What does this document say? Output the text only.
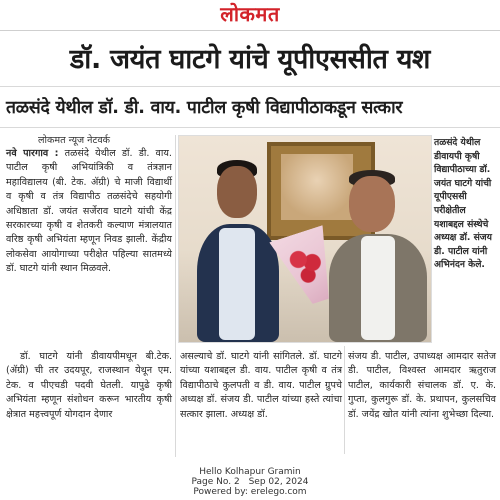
लोकमत
डॉ. जयंत घाटगे यांचे यूपीएससीत यश
तळसंदे येथील डॉ. डी. वाय. पाटील कृषी विद्यापीठाकडून सत्कार
लोकमत न्यूज नेटवर्क
नवे पारगाव : तळसंदे येथील डॉ. डी. वाय. पाटील कृषी अभियांत्रिकी व तंत्रज्ञान महाविद्यालय (बी. टेक. ॲग्री) चे माजी विद्यार्थी व कृषी व तंत्र विद्यापीठ तळसंदेचे सहयोगी अधिष्ठाता डॉ. जयंत सर्जेराव घाटगे यांची केंद्र सरकारच्या कृषी व शेतकरी कल्याण मंत्रालयात वरिष्ठ कृषी अभियंता म्हणून निवड झाली. केंद्रीय लोकसेवा आयोगाच्या परीक्षेत पहिल्या सातमध्ये डॉ. घाटगे यांनी स्थान मिळवले.
डॉ. घाटगे यांनी डीवायपीमधून बी.टेक. (ॲग्री) ची तर उदयपूर, राजस्थान येथून एम. टेक. व पीएचडी पदवी घेतली. यापुढे कृषी अभियंता म्हणून संशोधन करून भारतीय कृषी क्षेत्रात महत्त्वपूर्ण योगदान देणार
तळसंदे येथील डीवायपी कृषी विद्यापीठाच्या डॉ. जयंत घाटगे यांची यूपीएससी परीक्षेतील यशाबद्दल संस्थेचे अध्यक्ष डॉ. संजय डी. पाटील यांनी अभिनंदन केले.
असल्याचे डॉ. घाटगे यांनी सांगितले. डॉ. घाटगे यांच्या यशाबद्दल डी. वाय. पाटील कृषी व तंत्र विद्यापीठाचे कुलपती व डी. वाय. पाटील ग्रुपचे अध्यक्ष डॉ. संजय डी. पाटील यांच्या हस्ते त्यांचा सत्कार झाला. अध्यक्ष डॉ.
संजय डी. पाटील, उपाध्यक्ष आमदार सतेज डी. पाटील, विश्वस्त आमदार ऋतुराज पाटील, कार्यकारी संचालक डॉ. ए. के. गुप्ता, कुलगुरू डॉ. के. प्रथापन, कुलसचिव डॉ. जयेंद्र खोत यांनी त्यांना शुभेच्छा दिल्या.
Hello Kolhapur Gramin
Page No. 2 Sep 02, 2024
Powered by: erelego.com
